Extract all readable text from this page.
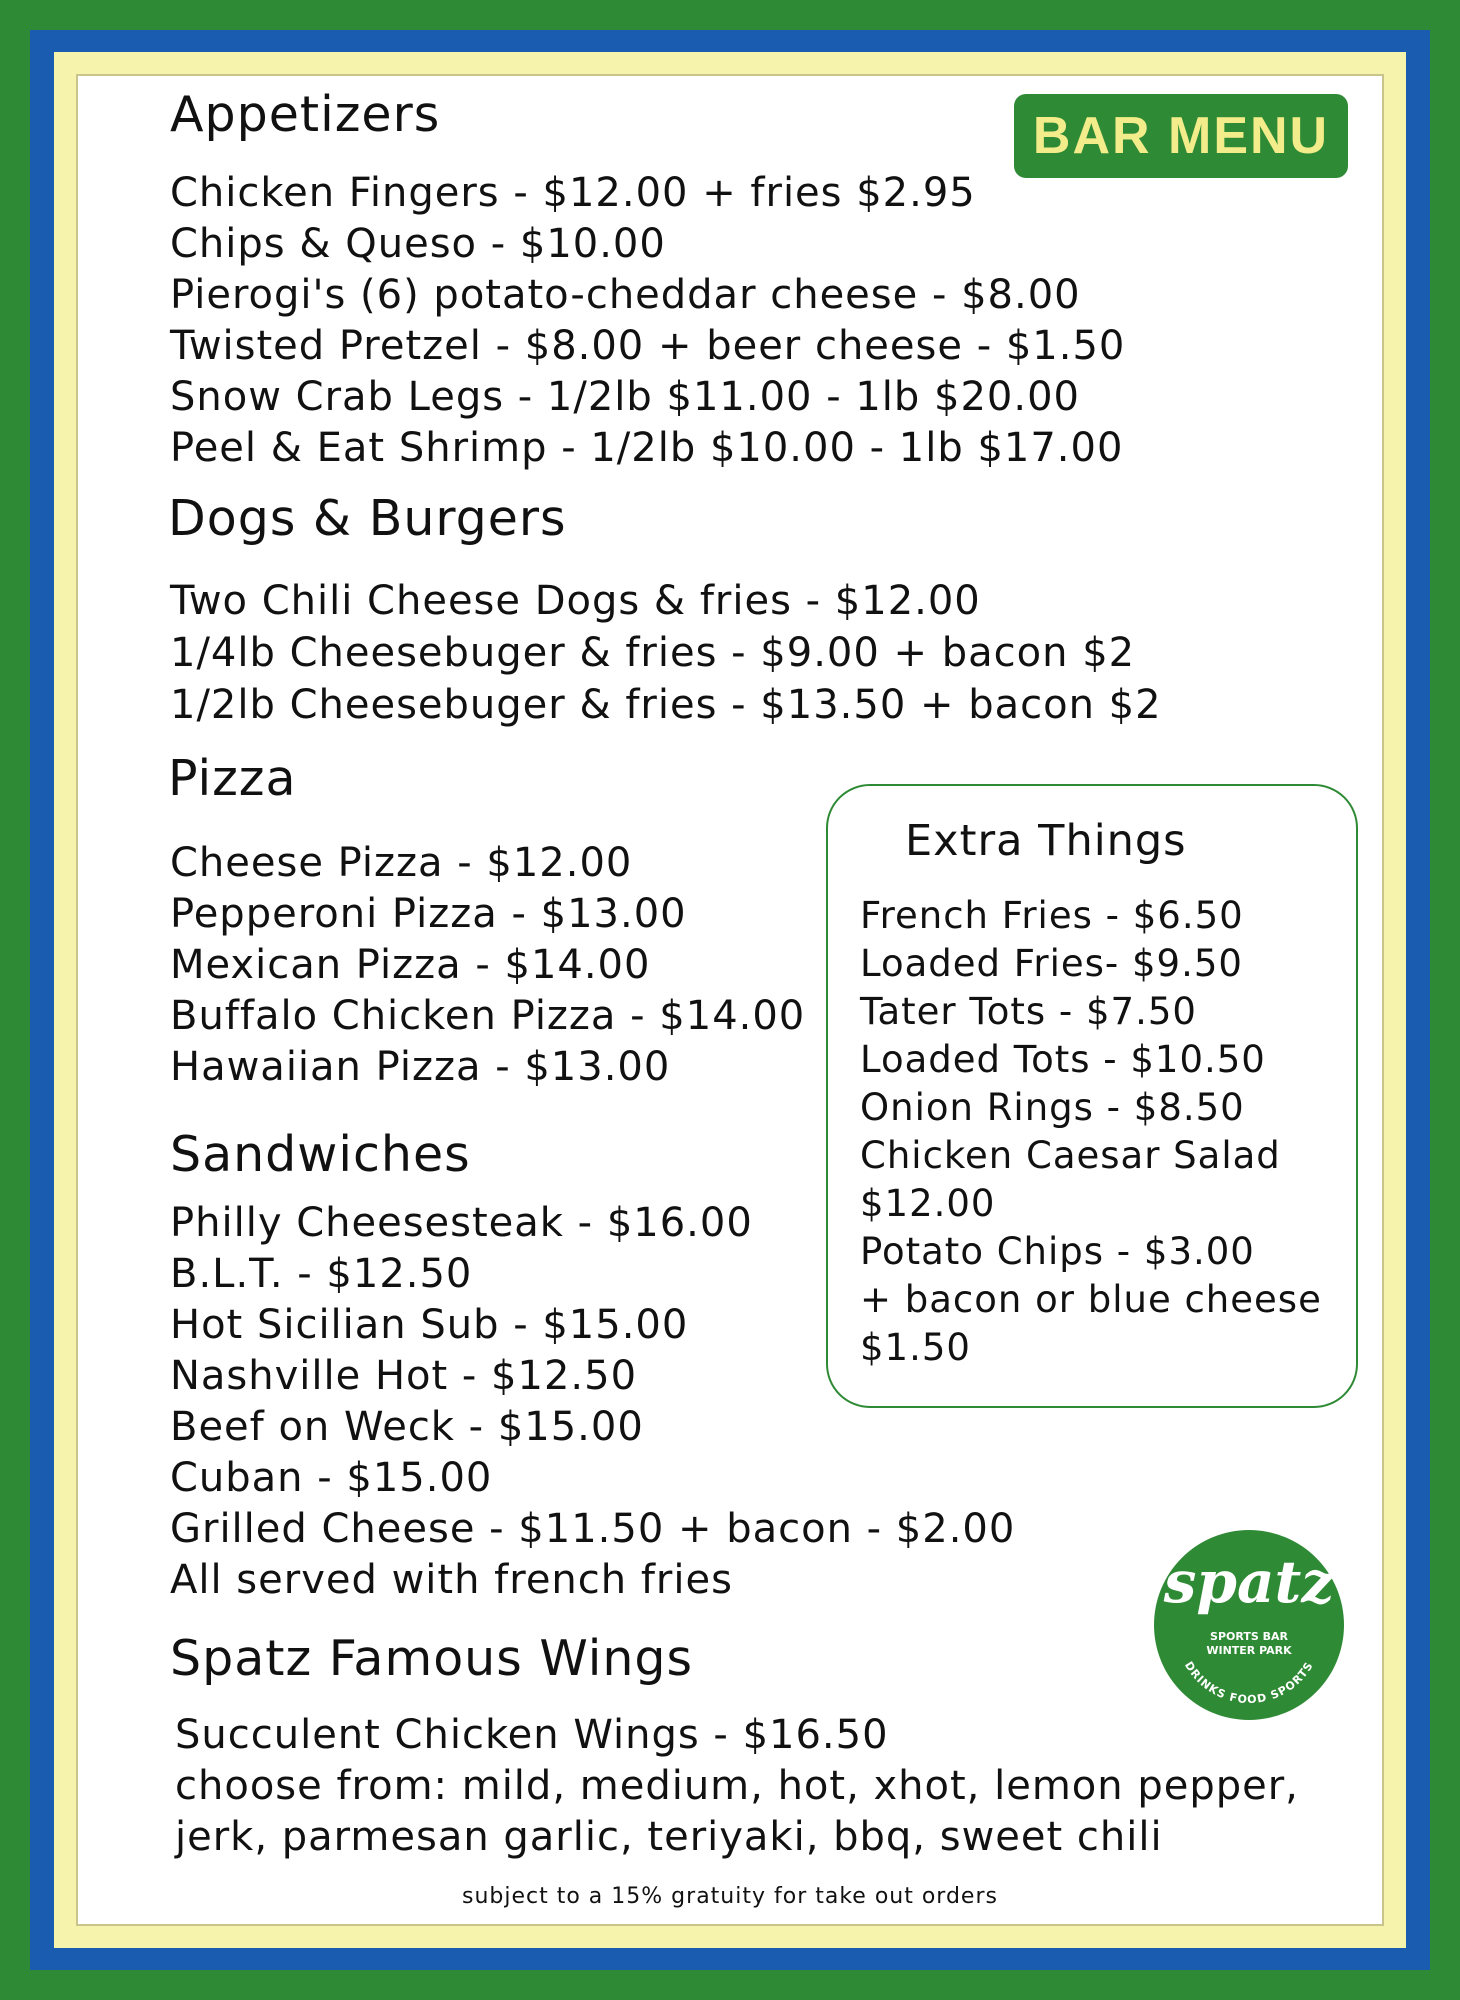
BAR MENU
Appetizers
Chicken Fingers - $12.00 + fries $2.95
Chips & Queso - $10.00
Pierogi's (6) potato-cheddar cheese - $8.00
Twisted Pretzel - $8.00 + beer cheese - $1.50
Snow Crab Legs - 1/2lb $11.00 - 1lb $20.00
Peel & Eat Shrimp - 1/2lb $10.00 - 1lb $17.00
Dogs & Burgers
Two Chili Cheese Dogs & fries - $12.00
1/4lb Cheesebuger & fries - $9.00 + bacon $2
1/2lb Cheesebuger & fries - $13.50 + bacon $2
Pizza
Cheese Pizza - $12.00
Pepperoni Pizza - $13.00
Mexican Pizza - $14.00
Buffalo Chicken Pizza - $14.00
Hawaiian Pizza - $13.00
Extra Things
French Fries - $6.50
Loaded Fries- $9.50
Tater Tots - $7.50
Loaded Tots - $10.50
Onion Rings - $8.50
Chicken Caesar Salad
$12.00
Potato Chips - $3.00
+ bacon or blue cheese
$1.50
Sandwiches
Philly Cheesesteak - $16.00
B.L.T. - $12.50
Hot Sicilian Sub - $15.00
Nashville Hot - $12.50
Beef on Weck - $15.00
Cuban - $15.00
Grilled Cheese - $11.50 + bacon - $2.00
All served with french fries	spatz
SPORTS BAR
WINTER PARK
DRINKS FOOD SPORTS
Spatz Famous Wings
Succulent Chicken Wings - $16.50
choose from: mild, medium, hot, xhot, lemon pepper,
jerk, parmesan garlic, teriyaki, bbq, sweet chili
subject to a 15% gratuity for take out orders
